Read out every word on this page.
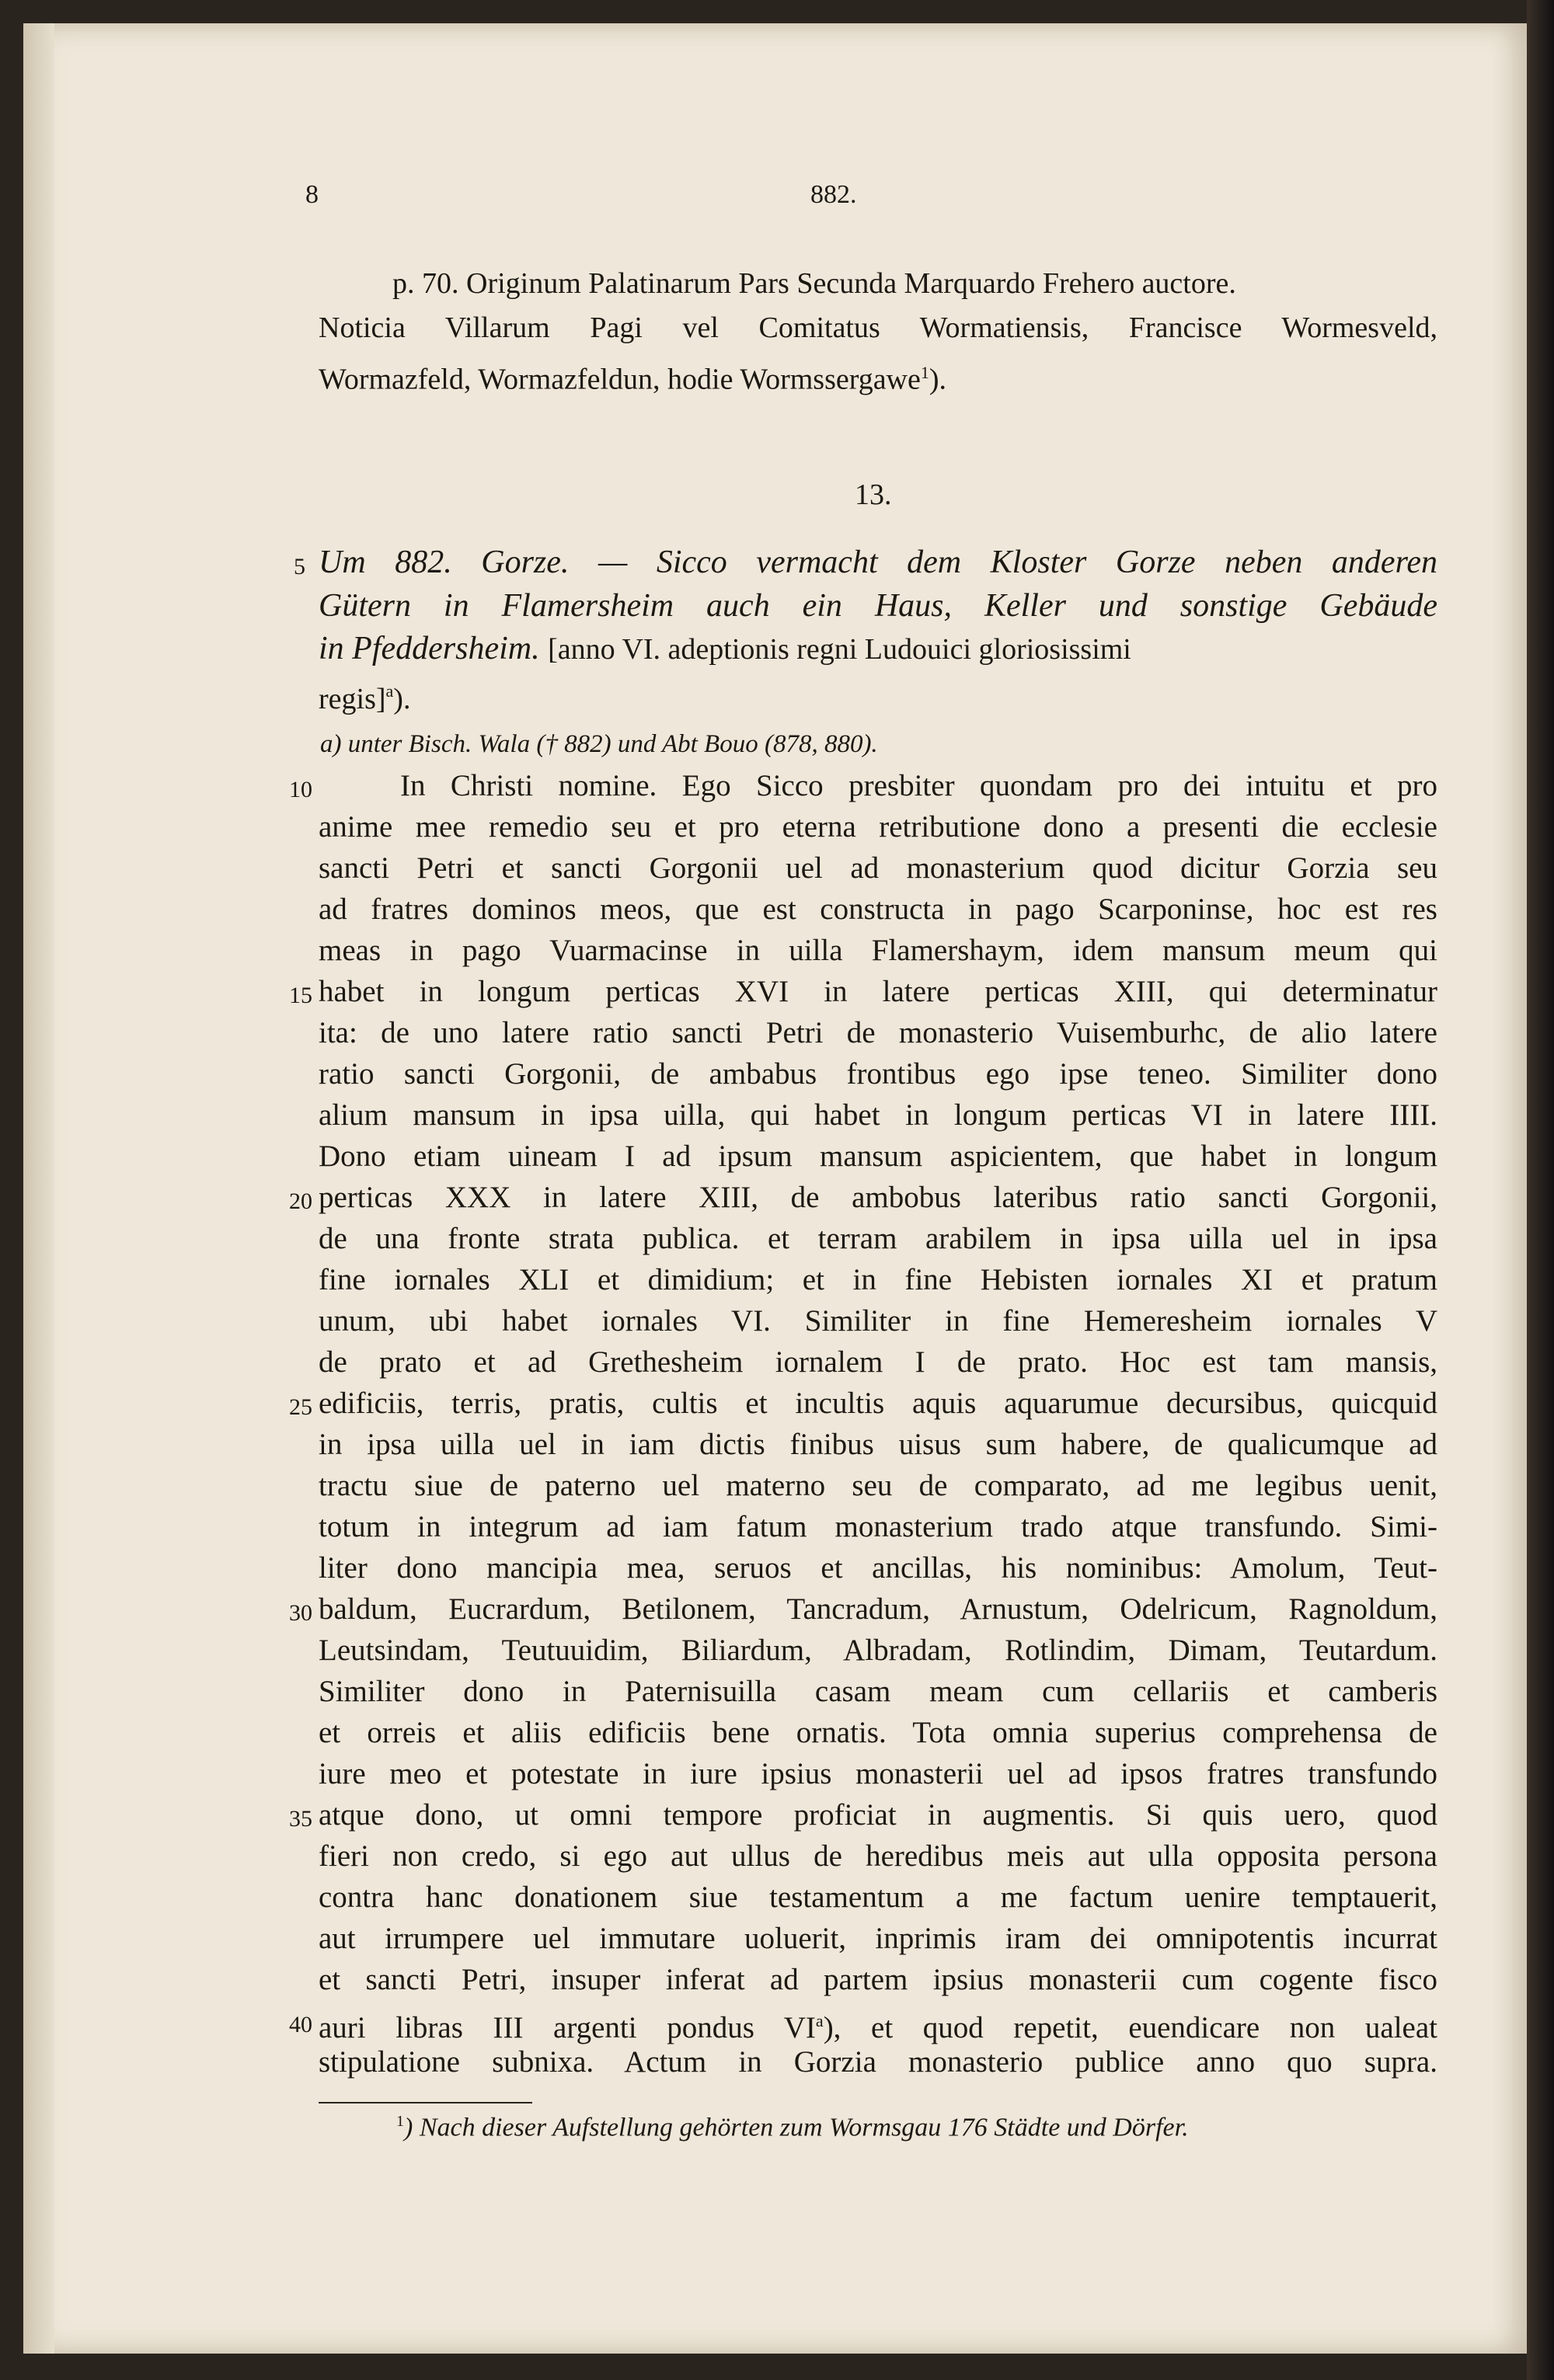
8	882.
p. 70. Originum Palatinarum Pars Secunda Marquardo Frehero auctore.
Noticia Villarum Pagi vel Comitatus Wormatiensis, Francisce Wormesveld,
Wormazfeld, Wormazfeldun, hodie Wormssergawe$^1$).
13.
5 Um 882. Gorze. — Sicco vermacht dem Kloster Gorze neben anderen
Gütern in Flamersheim auch ein Haus, Keller und sonstige Gebäude
in Pfeddersheim. [anno VI. adeptionis regni Ludouici gloriosissimi
regis]$^a$).
a) unter Bisch. Wala († 882) und Abt Bouo (878, 880).
10
15
20
25
30
35
40
In Christi nomine. Ego Sicco presbiter quondam pro dei intuitu et pro
anime mee remedio seu et pro eterna retributione dono a presenti die ecclesie
sancti Petri et sancti Gorgonii uel ad monasterium quod dicitur Gorzia seu
ad fratres dominos meos, que est constructa in pago Scarponinse, hoc est res
meas in pago Vuarmacinse in uilla Flamershaym, idem mansum meum qui
habet in longum perticas XVI in latere perticas XIII, qui determinatur
ita: de uno latere ratio sancti Petri de monasterio Vuisemburhc, de alio latere
ratio sancti Gorgonii, de ambabus frontibus ego ipse teneo. Similiter dono
alium mansum in ipsa uilla, qui habet in longum perticas VI in latere IIII.
Dono etiam uineam I ad ipsum mansum aspicientem, que habet in longum
perticas XXX in latere XIII, de ambobus lateribus ratio sancti Gorgonii,
de una fronte strata publica. et terram arabilem in ipsa uilla uel in ipsa
fine iornales XLI et dimidium; et in fine Hebisten iornales XI et pratum
unum, ubi habet iornales VI. Similiter in fine Hemeresheim iornales V
de prato et ad Grethesheim iornalem I de prato. Hoc est tam mansis,
edificiis, terris, pratis, cultis et incultis aquis aquarumue decursibus, quicquid
in ipsa uilla uel in iam dictis finibus uisus sum habere, de qualicumque ad
tractu siue de paterno uel materno seu de comparato, ad me legibus uenit,
totum in integrum ad iam fatum monasterium trado atque transfundo. Simi-
liter dono mancipia mea, seruos et ancillas, his nominibus: Amolum, Teut-
baldum, Eucrardum, Betilonem, Tancradum, Arnustum, Odelricum, Ragnoldum,
Leutsindam, Teutuuidim, Biliardum, Albradam, Rotlindim, Dimam, Teutardum.
Similiter dono in Paternisuilla casam meam cum cellariis et camberis
et orreis et aliis edificiis bene ornatis. Tota omnia superius comprehensa de
iure meo et potestate in iure ipsius monasterii uel ad ipsos fratres transfundo
atque dono, ut omni tempore proficiat in augmentis. Si quis uero, quod
fieri non credo, si ego aut ullus de heredibus meis aut ulla opposita persona
contra hanc donationem siue testamentum a me factum uenire temptauerit,
aut irrumpere uel immutare uoluerit, inprimis iram dei omnipotentis incurrat
et sancti Petri, insuper inferat ad partem ipsius monasterii cum cogente fisco
auri libras III argenti pondus $VI^a$), et quod repetit, euendicare non ualeat
stipulatione subnixa. Actum in Gorzia monasterio publice anno quo supra.
$^1$) Nach dieser Aufstellung gehörten zum Wormsgau 176 Städte und Dörfer.
